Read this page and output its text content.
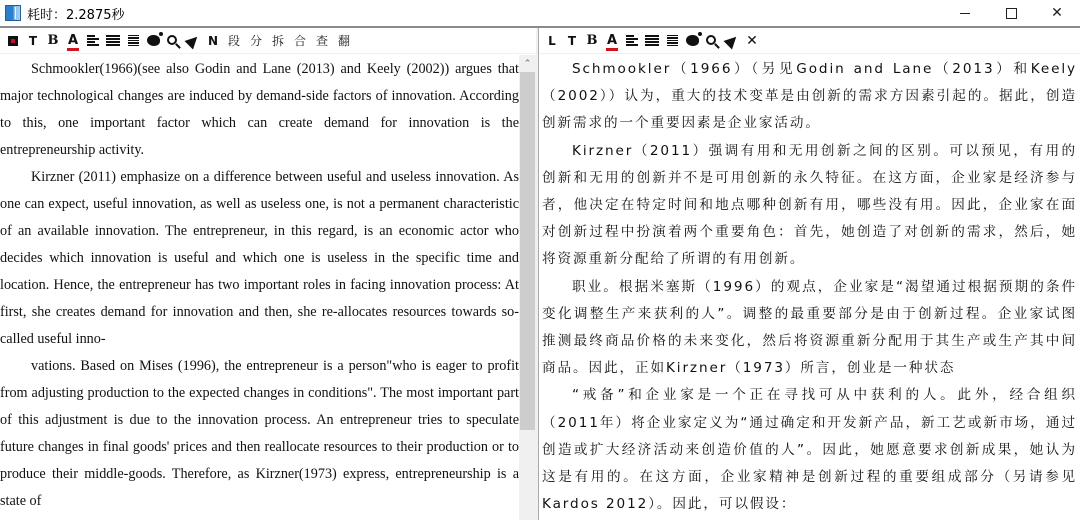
耗时：2.2875秒	✕
T B A	N 段 分 拆 合 查 翻

Schmookler(1966)(see also Godin and Lane (2013) and Keely (2002)) argues that major technological changes are induced by demand-side factors of innovation. According to this, one important factor which can create demand for innovation is the entrepreneurship activity.

Kirzner (2011) emphasize on a difference between useful and useless innovation. As one can expect, useful innovation, as well as useless one, is not a permanent characteristic of an available innovation. The entrepreneur, in this regard, is an economic actor who decides which innovation is useful and which one is useless in the specific time and location. Hence, the entrepreneur has two important roles in facing innovation process: At first, she creates demand for innovation and then, she re-allocates resources towards so-called useful inno-

vations. Based on Mises (1996), the entrepreneur is a person"who is eager to profit from adjusting production to the expected changes in conditions". The most important part of this adjustment is due to the innovation process. An entrepreneur tries to speculate future changes in final goods' prices and then reallocate resources to their production or to produce their middle-goods. Therefore, as Kirzner(1973) express, entrepreneurship is a state of

⌃
L	T B A	✕

Schmookler（1966）（另见Godin and Lane（2013）和Keely（2002））认为，重大的技术变革是由创新的需求方因素引起的。据此，创造创新需求的一个重要因素是企业家活动。

Kirzner（2011）强调有用和无用创新之间的区别。可以预见，有用的创新和无用的创新并不是可用创新的永久特征。在这方面，企业家是经济参与者，他决定在特定时间和地点哪种创新有用，哪些没有用。因此，企业家在面对创新过程中扮演着两个重要角色：首先，她创造了对创新的需求，然后，她将资源重新分配给了所谓的有用创新。

职业。根据米塞斯（1996）的观点，企业家是“渴望通过根据预期的条件变化调整生产来获利的人”。调整的最重要部分是由于创新过程。企业家试图推测最终商品价格的未来变化，然后将资源重新分配用于其生产或生产其中间商品。因此，正如Kirzner（1973）所言，创业是一种状态

“戒备”和企业家是一个正在寻找可从中获利的人。此外，经合组织（2011年）将企业家定义为“通过确定和开发新产品，新工艺或新市场，通过创造或扩大经济活动来创造价值的人”。因此，她愿意要求创新成果，她认为这是有用的。在这方面，企业家精神是创新过程的重要组成部分（另请参见Kardos 2012）。因此，可以假设：
